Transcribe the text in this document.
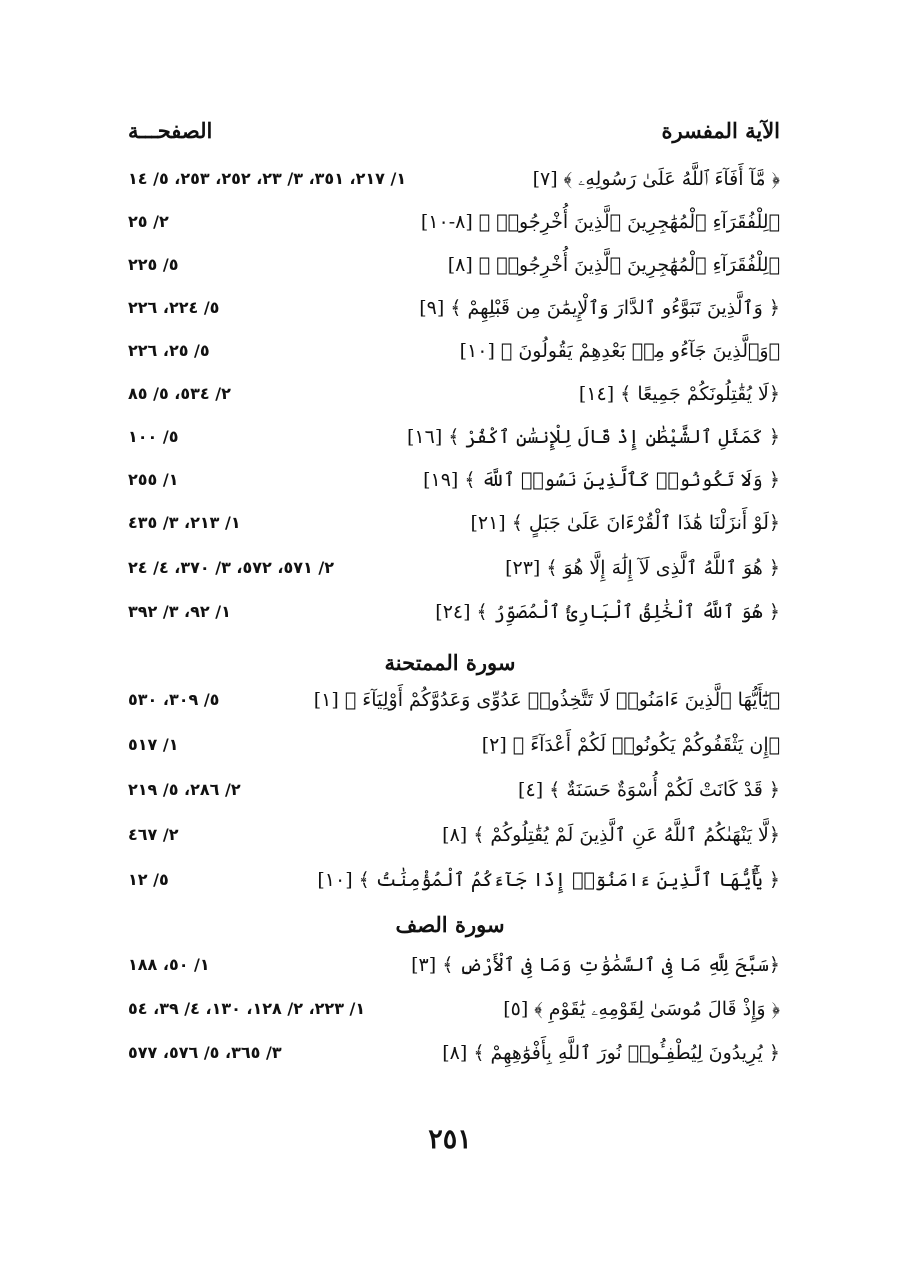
الآية المفسرة
الصفحـــة
﴿ مَّآ أَفَآءَ ٱللَّهُ عَلَىٰ رَسُولِهِۦ ﴾ [٧]
١/ ٢١٧، ٣٥١، ٣/ ٢٣، ٢٥٢، ٢٥٣، ٥/ ١٤
﴿لِلْفُقَرَآءِ ٱلْمُهَٰجِرِينَ ٱلَّذِينَ أُخْرِجُوا۟ ﴾ [٨-١٠]
٢/ ٢٥
﴿لِلْفُقَرَآءِ ٱلْمُهَٰجِرِينَ ٱلَّذِينَ أُخْرِجُوا۟ ﴾ [٨]
٥/ ٢٢٥
﴿ وَٱلَّذِينَ تَبَوَّءُو ٱلدَّارَ وَٱلْإِيمَٰنَ مِن قَبْلِهِمْ ﴾ [٩]
٥/ ٢٢٤، ٢٢٦
﴿وَٱلَّذِينَ جَآءُو مِنۢ بَعْدِهِمْ يَقُولُونَ ﴾ [١٠]
٥/ ٢٥، ٢٢٦
﴿لَا يُقَٰتِلُونَكُمْ جَمِيعًا ﴾ [١٤]
٢/ ٥٣٤، ٥/ ٨٥
﴿ كَمَثَلِ ٱلشَّيْطَٰنِ إِذْ قَالَ لِلْإِنسَٰنِ ٱكْفُرْ ﴾ [١٦]
٥/ ١٠٠
﴿ وَلَا تَكُونُوا۟ كَٱلَّذِينَ نَسُوا۟ ٱللَّهَ ﴾ [١٩]
١/ ٢٥٥
﴿لَوْ أَنزَلْنَا هَٰذَا ٱلْقُرْءَانَ عَلَىٰ جَبَلٍ ﴾ [٢١]
١/ ٢١٣، ٣/ ٤٣٥
﴿ هُوَ ٱللَّهُ ٱلَّذِى لَآ إِلَٰهَ إِلَّا هُوَ ﴾ [٢٣]
٢/ ٥٧١، ٥٧٢، ٣/ ٣٧٠، ٤/ ٢٤
﴿ هُوَ ٱللَّهُ ٱلْخَٰلِقُ ٱلْبَارِئُ ٱلْمُصَوِّرُ ﴾ [٢٤]
١/ ٩٢، ٣/ ٣٩٢
سورة الممتحنة
﴿يَٰٓأَيُّهَا ٱلَّذِينَ ءَامَنُوا۟ لَا تَتَّخِذُوا۟ عَدُوِّى وَعَدُوَّكُمْ أَوْلِيَآءَ ﴾ [١]
٥/ ٣٠٩، ٥٣٠
﴿إِن يَثْقَفُوكُمْ يَكُونُوا۟ لَكُمْ أَعْدَآءً ﴾ [٢]
١/ ٥١٧
﴿ قَدْ كَانَتْ لَكُمْ أُسْوَةٌ حَسَنَةٌ ﴾ [٤]
٢/ ٢٨٦، ٥/ ٢١٩
﴿لَّا يَنْهَىٰكُمُ ٱللَّهُ عَنِ ٱلَّذِينَ لَمْ يُقَٰتِلُوكُمْ ﴾ [٨]
٢/ ٤٦٧
﴿ يَٰٓأَيُّهَا ٱلَّذِينَ ءَامَنُوٓا۟ إِذَا جَآءَكُمُ ٱلْمُؤْمِنَٰتُ ﴾ [١٠]
٥/ ١٢
سورة الصف
﴿سَبَّحَ لِلَّهِ مَا فِى ٱلسَّمَٰوَٰتِ وَمَا فِى ٱلْأَرْضِ ﴾ [٣]
١/ ٥٠، ١٨٨
﴿ وَإِذْ قَالَ مُوسَىٰ لِقَوْمِهِۦ يَٰقَوْمِ ﴾ [٥]
١/ ٢٢٣، ٢/ ١٢٨، ١٣٠، ٤/ ٣٩، ٥٤
﴿ يُرِيدُونَ لِيُطْفِـُٔوا۟ نُورَ ٱللَّهِ بِأَفْوَٰهِهِمْ ﴾ [٨]
٣/ ٣٦٥، ٥/ ٥٧٦، ٥٧٧
٢٥١
